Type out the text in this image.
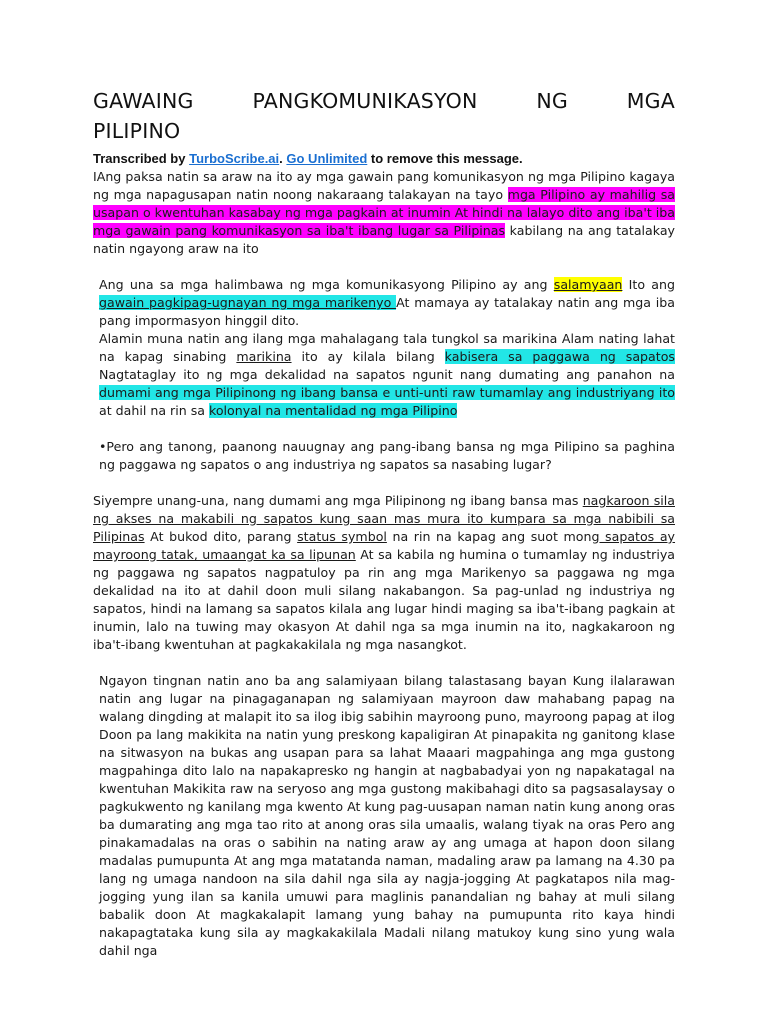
GAWAING	PANGKOMUNIKASYON	NG	MGA
PILIPINO

Transcribed by TurboScribe.ai. Go Unlimited to remove this message.

IAng paksa natin sa araw na ito ay mga gawain pang komunikasyon ng mga Pilipino kagaya ng mga napagusapan natin noong nakaraang talakayan na tayo mga Pilipino ay mahilig sa usapan o kwentuhan kasabay ng mga pagkain at inumin At hindi na lalayo dito ang iba't iba mga gawain pang komunikasyon sa iba't ibang lugar sa Pilipinas kabilang na ang tatalakay natin ngayong araw na ito

Ang una sa mga halimbawa ng mga komunikasyong Pilipino ay ang salamyaan Ito ang gawain pagkipag-ugnayan ng mga marikenyo At mamaya ay tatalakay natin ang mga iba pang impormasyon hinggil dito.

Alamin muna natin ang ilang mga mahalagang tala tungkol sa marikina Alam nating lahat na kapag sinabing marikina ito ay kilala bilang kabisera sa paggawa ng sapatos Nagtataglay ito ng mga dekalidad na sapatos ngunit nang dumating ang panahon na dumami ang mga Pilipinong ng ibang bansa e unti-unti raw tumamlay ang industriyang ito at dahil na rin sa kolonyal na mentalidad ng mga Pilipino

•Pero ang tanong, paanong nauugnay ang pang-ibang bansa ng mga Pilipino sa paghina ng paggawa ng sapatos o ang industriya ng sapatos sa nasabing lugar?

Siyempre unang-una, nang dumami ang mga Pilipinong ng ibang bansa mas nagkaroon sila ng akses na makabili ng sapatos kung saan mas mura ito kumpara sa mga nabibili sa Pilipinas At bukod dito, parang status symbol na rin na kapag ang suot mong sapatos ay mayroong tatak, umaangat ka sa lipunan At sa kabila ng humina o tumamlay ng industriya ng paggawa ng sapatos nagpatuloy pa rin ang mga Marikenyo sa paggawa ng mga dekalidad na ito at dahil doon muli silang nakabangon. Sa pag-unlad ng industriya ng sapatos, hindi na lamang sa sapatos kilala ang lugar hindi maging sa iba't-ibang pagkain at inumin, lalo na tuwing may okasyon At dahil nga sa mga inumin na ito, nagkakaroon ng iba't-ibang kwentuhan at pagkakakilala ng mga nasangkot.

Ngayon tingnan natin ano ba ang salamiyaan bilang talastasang bayan Kung ilalarawan natin ang lugar na pinagaganapan ng salamiyaan mayroon daw mahabang papag na walang dingding at malapit ito sa ilog ibig sabihin mayroong puno, mayroong papag at ilog Doon pa lang makikita na natin yung preskong kapaligiran At pinapakita ng ganitong klase na sitwasyon na bukas ang usapan para sa lahat Maaari magpahinga ang mga gustong magpahinga dito lalo na napakapresko ng hangin at nagbabadyai yon ng napakatagal na kwentuhan Makikita raw na seryoso ang mga gustong makibahagi dito sa pagsasalaysay o pagkukwento ng kanilang mga kwento At kung pag-uusapan naman natin kung anong oras ba dumarating ang mga tao rito at anong oras sila umaalis, walang tiyak na oras Pero ang pinakamadalas na oras o sabihin na nating araw ay ang umaga at hapon doon silang madalas pumupunta At ang mga matatanda naman, madaling araw pa lamang na 4.30 pa lang ng umaga nandoon na sila dahil nga sila ay nagja-jogging At pagkatapos nila mag-jogging yung ilan sa kanila umuwi para maglinis panandalian ng bahay at muli silang babalik doon At magkakalapit lamang yung bahay na pumupunta rito kaya hindi nakapagtataka kung sila ay magkakakilala Madali nilang matukoy kung sino yung wala dahil nga
